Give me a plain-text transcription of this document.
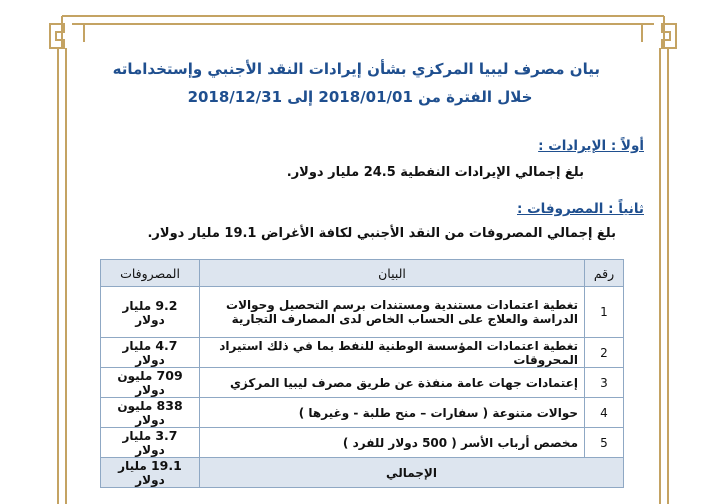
بيان مصرف ليبيا المركزي بشأن إيرادات النقد الأجنبي وإستخداماته
خلال الفترة من 2018/01/01 إلى 2018/12/31
أولاً : الإيرادات :
بلغ إجمالي الإيرادات النفطية 24.5 مليار دولار.
ثانياً : المصروفات :
بلغ إجمالي المصروفات من النقد الأجنبي لكافة الأغراض 19.1 مليار دولار.
رقم	البيان	المصروفات
1	تغطية اعتمادات مستندية ومستندات برسم التحصيل وحوالات الدراسة والعلاج على الحساب الخاص لدى المصارف التجارية	9.2 مليار دولار
2	تغطية اعتمادات المؤسسة الوطنية للنفط بما في ذلك استيراد المحروقات	4.7 مليار دولار
3	إعتمادات جهات عامة منفذة عن طريق مصرف ليبيا المركزي	709 مليون دولار
4	حوالات متنوعة ( سفارات – منح طلبة - وغيرها )	838 مليون دولار
5	مخصص أرباب الأسر ( 500 دولار للفرد )	3.7 مليار دولار
الإجمالي		19.1 مليار دولار
